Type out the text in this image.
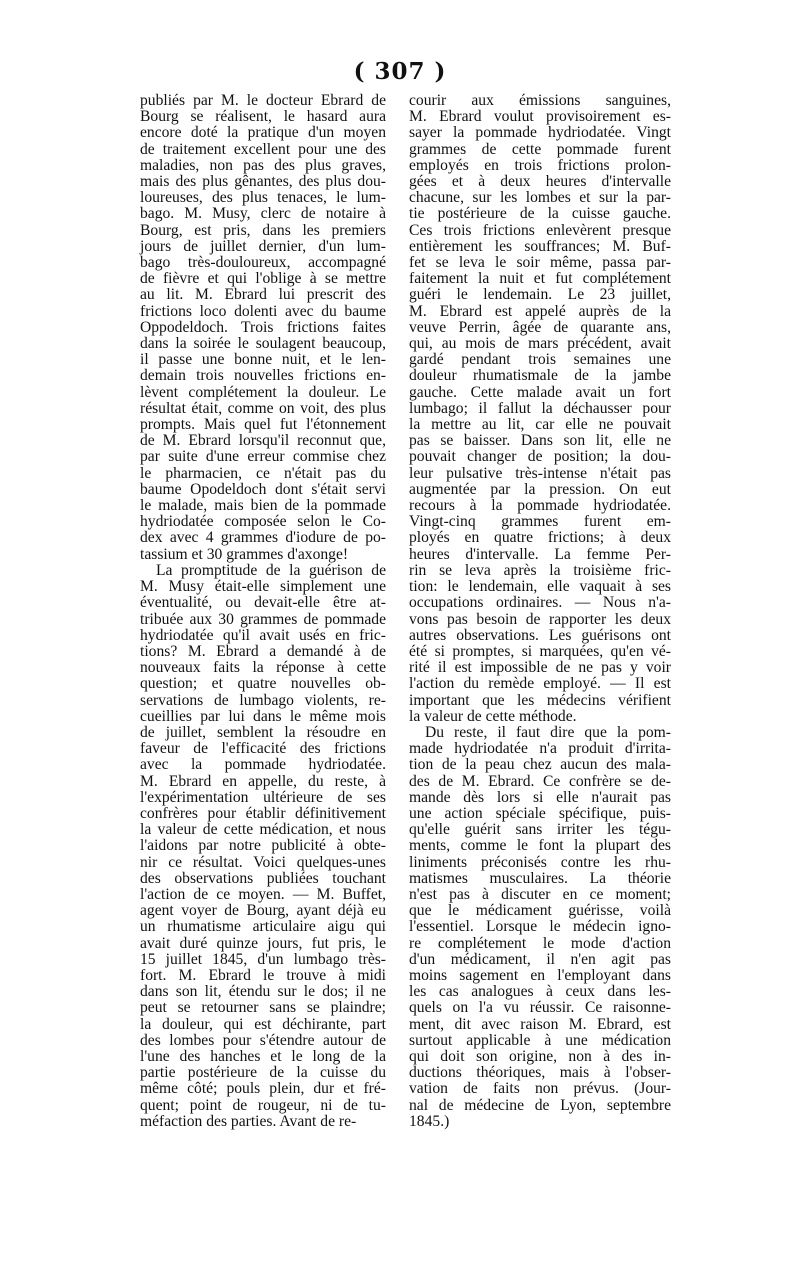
( 307 )
publiés par M. le docteur Ebrard de
Bourg se réalisent, le hasard aura
encore doté la pratique d'un moyen
de traitement excellent pour une des
maladies, non pas des plus graves,
mais des plus gênantes, des plus dou-
loureuses, des plus tenaces, le lum-
bago. M. Musy, clerc de notaire à
Bourg, est pris, dans les premiers
jours de juillet dernier, d'un lum-
bago très-douloureux, accompagné
de fièvre et qui l'oblige à se mettre
au lit. M. Ebrard lui prescrit des
frictions loco dolenti avec du baume
Oppodeldoch. Trois frictions faites
dans la soirée le soulagent beaucoup,
il passe une bonne nuit, et le len-
demain trois nouvelles frictions en-
lèvent complétement la douleur. Le
résultat était, comme on voit, des plus
prompts. Mais quel fut l'étonnement
de M. Ebrard lorsqu'il reconnut que,
par suite d'une erreur commise chez
le pharmacien, ce n'était pas du
baume Opodeldoch dont s'était servi
le malade, mais bien de la pommade
hydriodatée composée selon le Co-
dex avec 4 grammes d'iodure de po-
tassium et 30 grammes d'axonge!
La promptitude de la guérison de
M. Musy était-elle simplement une
éventualité, ou devait-elle être at-
tribuée aux 30 grammes de pommade
hydriodatée qu'il avait usés en fric-
tions? M. Ebrard a demandé à de
nouveaux faits la réponse à cette
question; et quatre nouvelles ob-
servations de lumbago violents, re-
cueillies par lui dans le même mois
de juillet, semblent la résoudre en
faveur de l'efficacité des frictions
avec la pommade hydriodatée.
M. Ebrard en appelle, du reste, à
l'expérimentation ultérieure de ses
confrères pour établir définitivement
la valeur de cette médication, et nous
l'aidons par notre publicité à obte-
nir ce résultat. Voici quelques-unes
des observations publiées touchant
l'action de ce moyen. — M. Buffet,
agent voyer de Bourg, ayant déjà eu
un rhumatisme articulaire aigu qui
avait duré quinze jours, fut pris, le
15 juillet 1845, d'un lumbago très-
fort. M. Ebrard le trouve à midi
dans son lit, étendu sur le dos; il ne
peut se retourner sans se plaindre;
la douleur, qui est déchirante, part
des lombes pour s'étendre autour de
l'une des hanches et le long de la
partie postérieure de la cuisse du
même côté; pouls plein, dur et fré-
quent; point de rougeur, ni de tu-
méfaction des parties. Avant de re-
courir aux émissions sanguines,
M. Ebrard voulut provisoirement es-
sayer la pommade hydriodatée. Vingt
grammes de cette pommade furent
employés en trois frictions prolon-
gées et à deux heures d'intervalle
chacune, sur les lombes et sur la par-
tie postérieure de la cuisse gauche.
Ces trois frictions enlevèrent presque
entièrement les souffrances; M. Buf-
fet se leva le soir même, passa par-
faitement la nuit et fut complétement
guéri le lendemain. Le 23 juillet,
M. Ebrard est appelé auprès de la
veuve Perrin, âgée de quarante ans,
qui, au mois de mars précédent, avait
gardé pendant trois semaines une
douleur rhumatismale de la jambe
gauche. Cette malade avait un fort
lumbago; il fallut la déchausser pour
la mettre au lit, car elle ne pouvait
pas se baisser. Dans son lit, elle ne
pouvait changer de position; la dou-
leur pulsative très-intense n'était pas
augmentée par la pression. On eut
recours à la pommade hydriodatée.
Vingt-cinq grammes furent em-
ployés en quatre frictions; à deux
heures d'intervalle. La femme Per-
rin se leva après la troisième fric-
tion: le lendemain, elle vaquait à ses
occupations ordinaires. — Nous n'a-
vons pas besoin de rapporter les deux
autres observations. Les guérisons ont
été si promptes, si marquées, qu'en vé-
rité il est impossible de ne pas y voir
l'action du remède employé. — Il est
important que les médecins vérifient
la valeur de cette méthode.
Du reste, il faut dire que la pom-
made hydriodatée n'a produit d'irrita-
tion de la peau chez aucun des mala-
des de M. Ebrard. Ce confrère se de-
mande dès lors si elle n'aurait pas
une action spéciale spécifique, puis-
qu'elle guérit sans irriter les tégu-
ments, comme le font la plupart des
liniments préconisés contre les rhu-
matismes musculaires. La théorie
n'est pas à discuter en ce moment;
que le médicament guérisse, voilà
l'essentiel. Lorsque le médecin igno-
re complétement le mode d'action
d'un médicament, il n'en agit pas
moins sagement en l'employant dans
les cas analogues à ceux dans les-
quels on l'a vu réussir. Ce raisonne-
ment, dit avec raison M. Ebrard, est
surtout applicable à une médication
qui doit son origine, non à des in-
ductions théoriques, mais à l'obser-
vation de faits non prévus. (Jour-
nal de médecine de Lyon, septembre
1845.)
